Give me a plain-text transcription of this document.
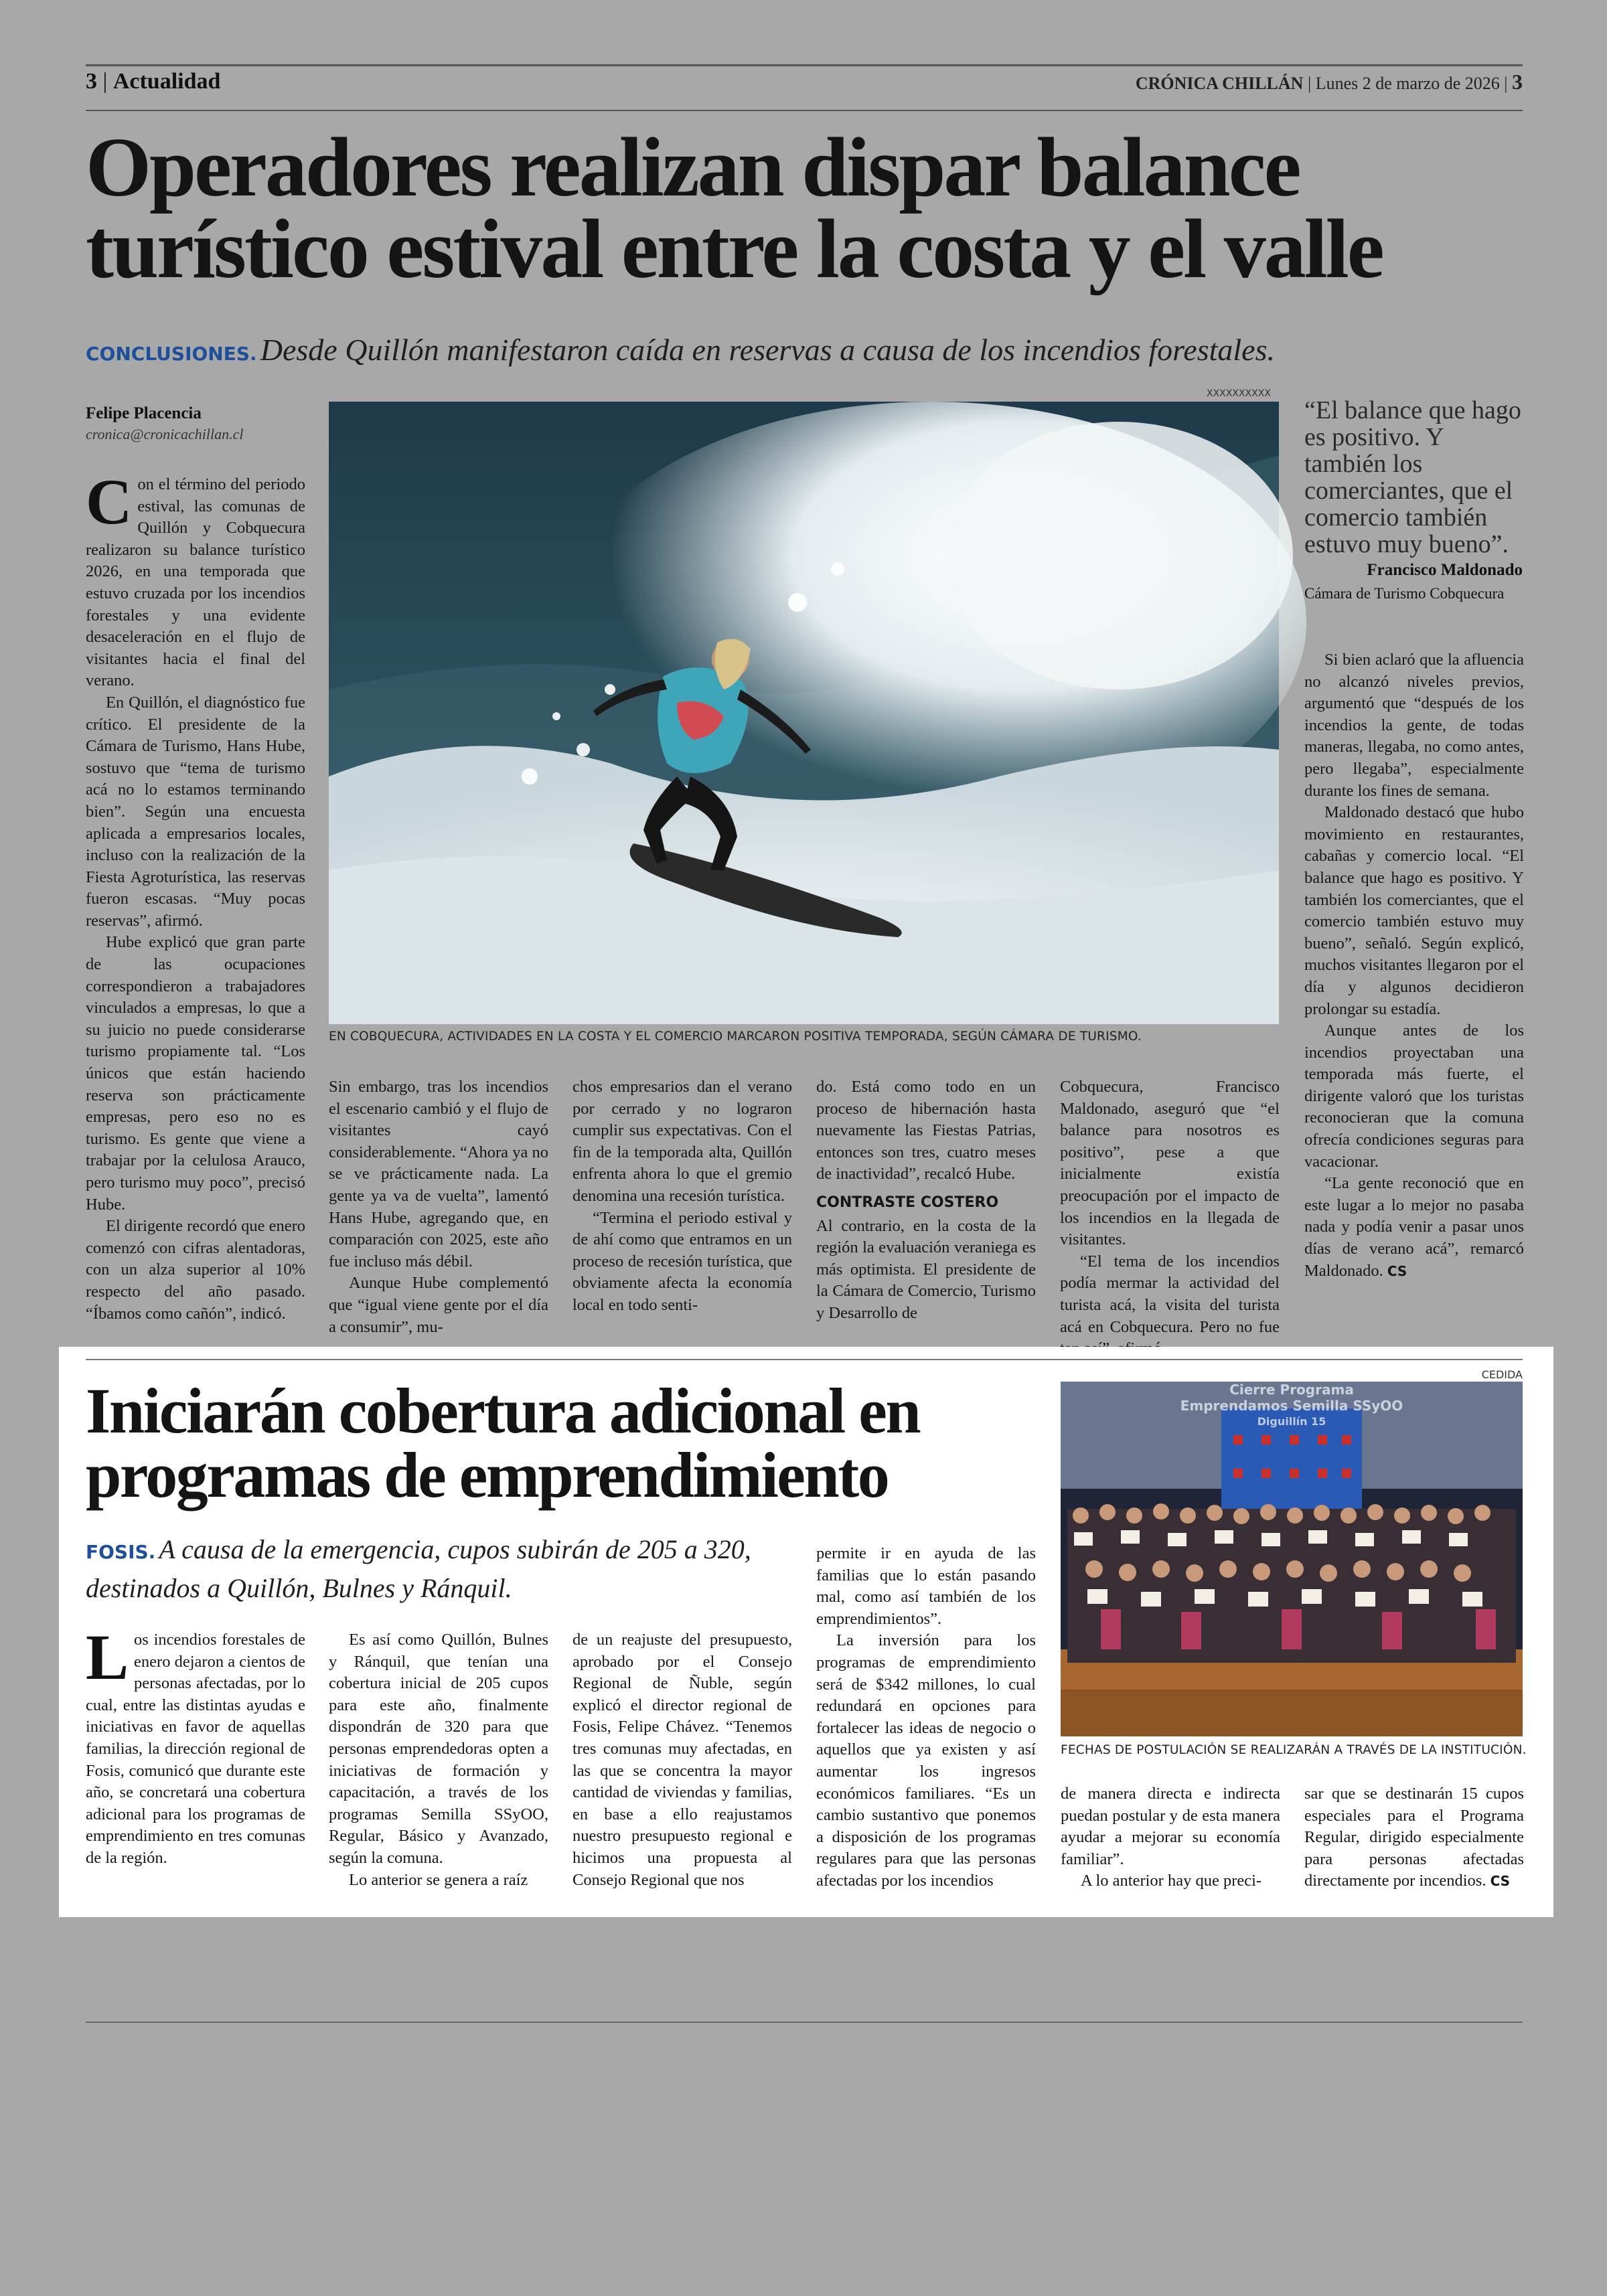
3 | Actualidad	CRÓNICA CHILLÁN | Lunes 2 de marzo de 2026 | 3
Operadores realizan dispar balance
turístico estival entre la costa y el valle
CONCLUSIONES. Desde Quillón manifestaron caída en reservas a causa de los incendios forestales.
Felipe Placencia
cronica@cronicachillan.cl
XXXXXXXXXX
EN COBQUECURA, ACTIVIDADES EN LA COSTA Y EL COMERCIO MARCARON POSITIVA TEMPORADA, SEGÚN CÁMARA DE TURISMO.
“El balance que hago es positivo. Y también los comerciantes, que el comercio también estuvo muy bueno”.
Francisco Maldonado
Cámara de Turismo Cobquecura

Con el término del periodo estival, las comunas de Quillón y Cobquecura realizaron su balance turístico 2026, en una temporada que estuvo cruzada por los incendios forestales y una evidente desaceleración en el flujo de visitantes hacia el final del verano.

En Quillón, el diagnóstico fue crítico. El presidente de la Cámara de Turismo, Hans Hube, sostuvo que “tema de turismo acá no lo estamos terminando bien”. Según una encuesta aplicada a empresarios locales, incluso con la realización de la Fiesta Agroturística, las reservas fueron escasas. “Muy pocas reservas”, afirmó.

Hube explicó que gran parte de las ocupaciones correspondieron a trabajadores vinculados a empresas, lo que a su juicio no puede considerarse turismo propiamente tal. “Los únicos que están haciendo reserva son prácticamente empresas, pero eso no es turismo. Es gente que viene a trabajar por la celulosa Arauco, pero turismo muy poco”, precisó Hube.

El dirigente recordó que enero comenzó con cifras alentadoras, con un alza superior al 10% respecto del año pasado. “Íbamos como cañón”, indicó.

Sin embargo, tras los incendios el escenario cambió y el flujo de visitantes cayó considerablemente. “Ahora ya no se ve prácticamente nada. La gente ya va de vuelta”, lamentó Hans Hube, agregando que, en comparación con 2025, este año fue incluso más débil.

Aunque Hube complementó que “igual viene gente por el día a consumir”, mu-

chos empresarios dan el verano por cerrado y no lograron cumplir sus expectativas. Con el fin de la temporada alta, Quillón enfrenta ahora lo que el gremio denomina una recesión turística.

“Termina el periodo estival y de ahí como que entramos en un proceso de recesión turística, que obviamente afecta la economía local en todo senti-

do. Está como todo en un proceso de hibernación hasta nuevamente las Fiestas Patrias, entonces son tres, cuatro meses de inactividad”, recalcó Hube.

CONTRASTE COSTERO

Al contrario, en la costa de la región la evaluación veraniega es más optimista. El presidente de la Cámara de Comercio, Turismo y Desarrollo de

Cobquecura, Francisco Maldonado, aseguró que “el balance para nosotros es positivo”, pese a que inicialmente existía preocupación por el impacto de los incendios en la llegada de visitantes.

“El tema de los incendios podía mermar la actividad del turista acá, la visita del turista acá en Cobquecura. Pero no fue

Si bien aclaró que la afluencia no alcanzó niveles previos, argumentó que “después de los incendios la gente, de todas maneras, llegaba, no como antes, pero llegaba”, especialmente durante los fines de semana.

Maldonado destacó que hubo movimiento en restaurantes, cabañas y comercio local. “El balance que hago es positivo. Y también los comerciantes, que el comercio también estuvo muy bueno”, señaló. Según explicó, muchos visitantes llegaron por el día y algunos decidieron prolongar su estadía.

Aunque antes de los incendios proyectaban una temporada más fuerte, el dirigente valoró que los turistas reconocieran que la comuna ofrecía condiciones seguras para vacacionar.

“La gente reconoció que en este lugar a lo mejor no pasaba nada y podía venir a pasar unos días de verano acá”, remarcó Maldonado. CS

Iniciarán cobertura adicional en
programas de emprendimiento
FOSIS. A causa de la emergencia, cupos subirán de 205 a 320, destinados a Quillón, Bulnes y Ránquil.
CEDIDA
Cierre Programa
Emprendamos Semilla SSyOO
Diguillín 15
FECHAS DE POSTULACIÓN SE REALIZARÁN A TRAVÉS DE LA INSTITUCIÓN.

Los incendios forestales de enero dejaron a cientos de personas afectadas, por lo cual, entre las distintas ayudas e iniciativas en favor de aquellas familias, la dirección regional de Fosis, comunicó que durante este año, se concretará una cobertura adicional para los programas de emprendimiento en tres comunas de la región.

Es así como Quillón, Bulnes y Ránquil, que tenían una cobertura inicial de 205 cupos para este año, finalmente dispondrán de 320 para que personas emprendedoras opten a iniciativas de formación y capacitación, a través de los programas Semilla SSyOO, Regular, Básico y Avanzado, según la comuna.

Lo anterior se genera a raíz

de un reajuste del presupuesto, aprobado por el Consejo Regional de Ñuble, según explicó el director regional de Fosis, Felipe Chávez. “Tenemos tres comunas muy afectadas, en las que se concentra la mayor cantidad de viviendas y familias, en base a ello reajustamos nuestro presupuesto regional e hicimos una propuesta al Consejo Regional que nos

permite ir en ayuda de las familias que lo están pasando mal, como así también de los emprendimientos”.

La inversión para los programas de emprendimiento será de $342 millones, lo cual redundará en opciones para fortalecer las ideas de negocio o aquellos que ya existen y así aumentar los ingresos económicos familiares. “Es un cambio sustantivo que ponemos a disposición de los programas regulares para que las personas afectadas por los incendios

de manera directa e indirecta puedan postular y de esta manera ayudar a mejorar su economía familiar”.

A lo anterior hay que preci-

sar que se destinarán 15 cupos especiales para el Programa Regular, dirigido especialmente para personas afectadas directamente por incendios. CS
